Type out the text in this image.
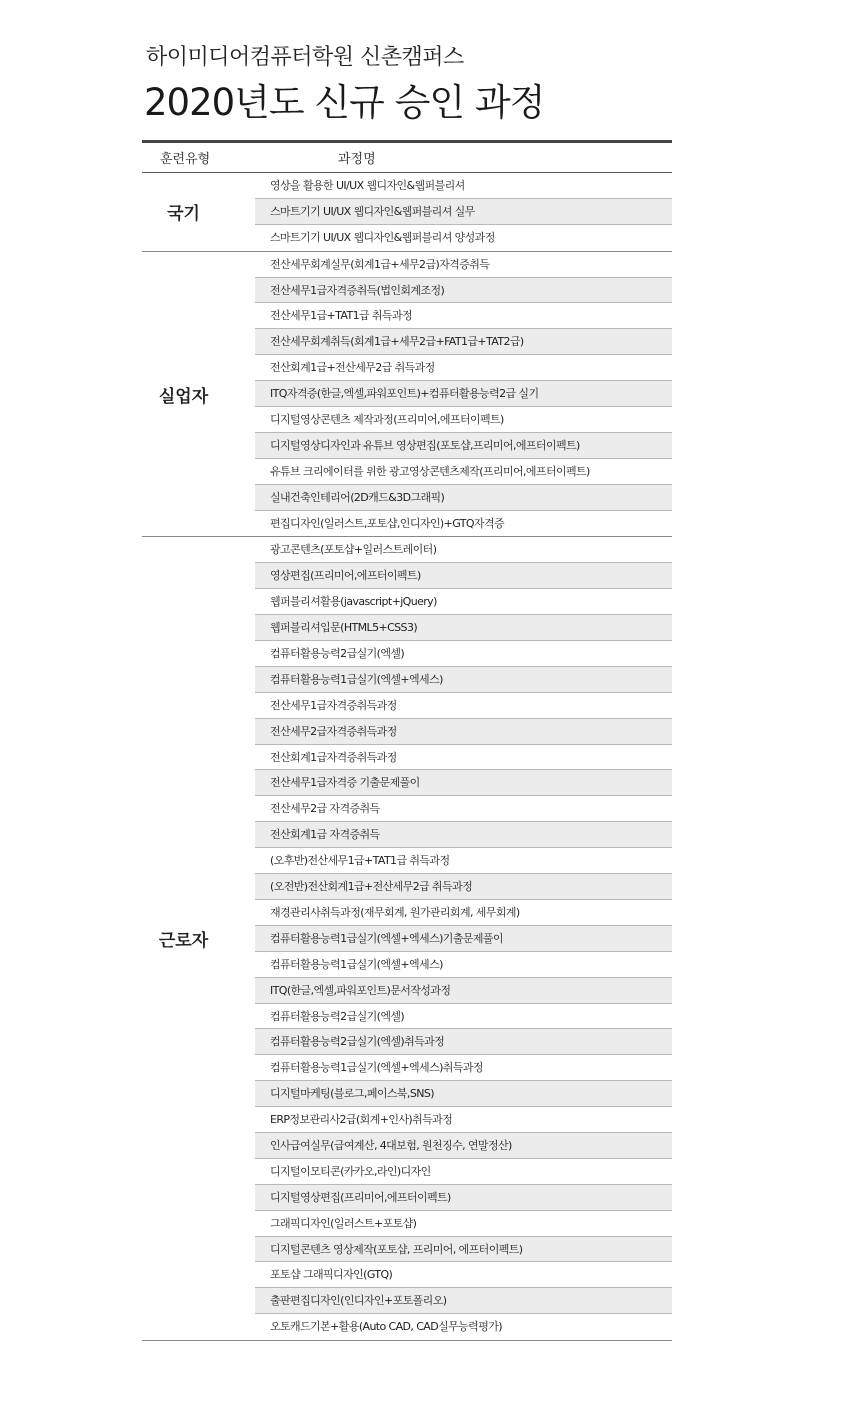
하이미디어컴퓨터학원 신촌캠퍼스
2020년도 신규 승인 과정
훈련유형	과정명
국기
영상을 활용한 UI/UX 웹디자인&웹퍼블리셔
스마트기기 UI/UX 웹디자인&웹퍼블리셔 실무
스마트기기 UI/UX 웹디자인&웹퍼블리셔 양성과정
실업자
전산세무회계실무(회계1급+세무2급)자격증취득
전산세무1급자격증취득(법인회계조정)
전산세무1급+TAT1급 취득과정
전산세무회계취득(회계1급+세무2급+FAT1급+TAT2급)
전산회계1급+전산세무2급 취득과정
ITQ자격증(한글,엑셀,파워포인트)+컴퓨터활용능력2급 실기
디지털영상콘텐츠 제작과정(프리미어,에프터이펙트)
디지털영상디자인과 유튜브 영상편집(포토샵,프리미어,에프터이펙트)
유튜브 크리에이터를 위한 광고영상콘텐츠제작(프리미어,에프터이펙트)
실내건축인테리어(2D캐드&3D그래픽)
편집디자인(일러스트,포토샵,인디자인)+GTQ자격증
근로자
광고콘텐츠(포토샵+일러스트레이터)
영상편집(프리미어,에프터이펙트)
웹퍼블리셔활용(javascript+jQuery)
웹퍼블리셔입문(HTML5+CSS3)
컴퓨터활용능력2급실기(엑셀)
컴퓨터활용능력1급실기(엑셀+엑세스)
전산세무1급자격증취득과정
전산세무2급자격증취득과정
전산회계1급자격증취득과정
전산세무1급자격증 기출문제풀이
전산세무2급 자격증취득
전산회계1급 자격증취득
(오후반)전산세무1급+TAT1급 취득과정
(오전반)전산회계1급+전산세무2급 취득과정
재경관리사취득과정(재무회계, 원가관리회계, 세무회계)
컴퓨터활용능력1급실기(엑셀+엑세스)기출문제풀이
컴퓨터활용능력1급실기(엑셀+엑세스)
ITQ(한글,엑셀,파워포인트)문서작성과정
컴퓨터활용능력2급실기(엑셀)
컴퓨터활용능력2급실기(엑셀)취득과정
컴퓨터활용능력1급실기(엑셀+엑세스)취득과정
디지털마케팅(블로그,페이스북,SNS)
ERP정보관리사2급(회계+인사)취득과정
인사급여실무(급여계산, 4대보험, 원천징수, 연말정산)
디지털이모티콘(카카오,라인)디자인
디지털영상편집(프리미어,에프터이펙트)
그래픽디자인(일러스트+포토샵)
디지털콘텐츠 영상제작(포토샵, 프리미어, 에프터이펙트)
포토샵 그래픽디자인(GTQ)
출판편집디자인(인디자인+포토폴리오)
오토캐드기본+활용(Auto CAD, CAD실무능력평가)
